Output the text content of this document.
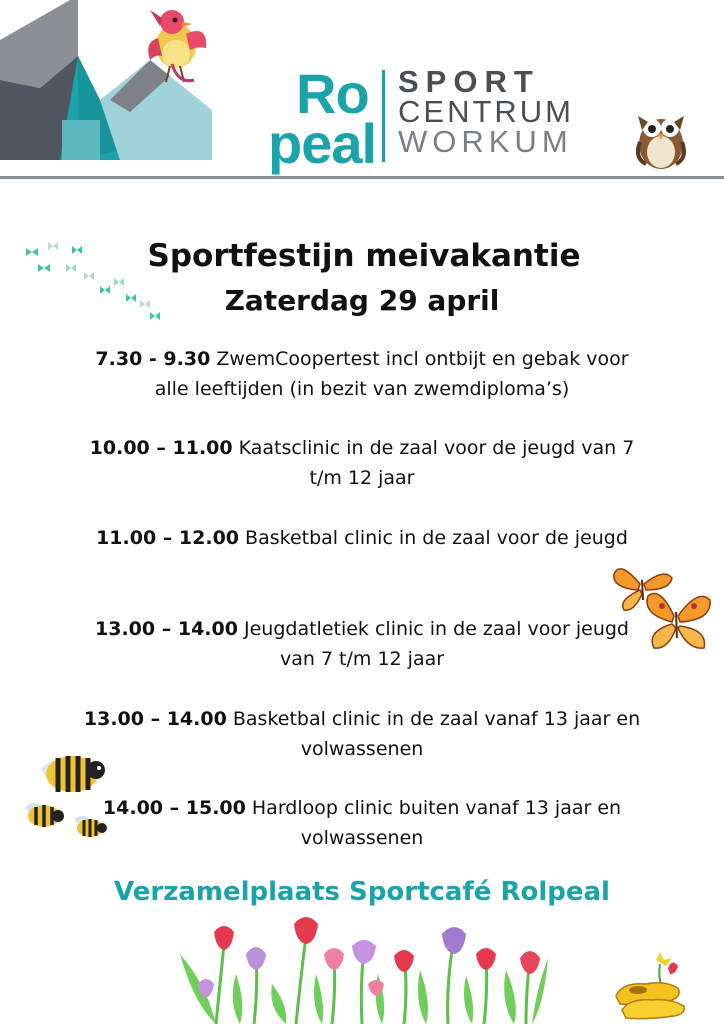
Ro
peal
SPORT
CENTRUM
WORKUM
Sportfestijn meivakantie
Zaterdag 29 april
7.30 - 9.30 ZwemCoopertest incl ontbijt en gebak voor alle leeftijden (in bezit van zwemdiploma’s)
10.00 – 11.00 Kaatsclinic in de zaal voor de jeugd van 7 t/m 12 jaar
11.00 – 12.00 Basketbal clinic in de zaal voor de jeugd
13.00 – 14.00 Jeugdatletiek clinic in de zaal voor jeugd van 7 t/m 12 jaar
13.00 – 14.00 Basketbal clinic in de zaal vanaf 13 jaar en volwassenen
14.00 – 15.00 Hardloop clinic buiten vanaf 13 jaar en volwassenen
Verzamelplaats Sportcafé Rolpeal
